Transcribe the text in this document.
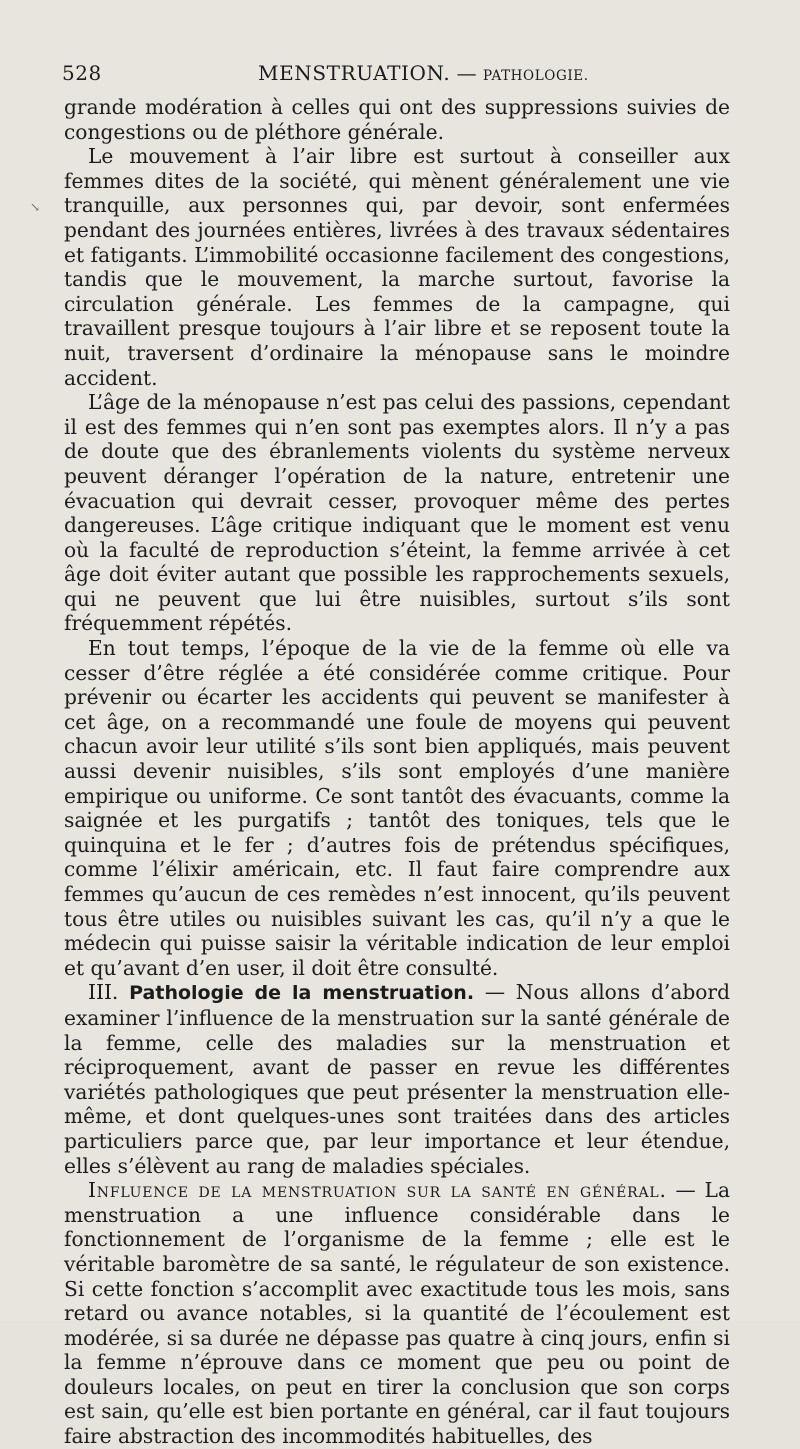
528	MENSTRUATION. — PATHOLOGIE.

grande modération à celles qui ont des suppressions suivies de congestions ou de pléthore générale.

Le mouvement à l’air libre est surtout à conseiller aux femmes dites de la société, qui mènent généralement une vie tranquille, aux personnes qui, par devoir, sont enfermées pendant des journées entières, livrées à des travaux sédentaires et fatigants. L’immobilité occasionne facilement des congestions, tandis que le mouvement, la marche surtout, favorise la circulation générale. Les femmes de la campagne, qui travaillent presque toujours à l’air libre et se reposent toute la nuit, traversent d’ordinaire la ménopause sans le moindre accident.

L’âge de la ménopause n’est pas celui des passions, cependant il est des femmes qui n’en sont pas exemptes alors. Il n’y a pas de doute que des ébranlements violents du système nerveux peuvent déranger l’opération de la nature, entretenir une évacuation qui devrait cesser, provoquer même des pertes dangereuses. L’âge critique indiquant que le moment est venu où la faculté de reproduction s’éteint, la femme arrivée à cet âge doit éviter autant que possible les rapprochements sexuels, qui ne peuvent que lui être nuisibles, surtout s’ils sont fréquemment répétés.

En tout temps, l’époque de la vie de la femme où elle va cesser d’être réglée a été considérée comme critique. Pour prévenir ou écarter les accidents qui peuvent se manifester à cet âge, on a recommandé une foule de moyens qui peuvent chacun avoir leur utilité s’ils sont bien appliqués, mais peuvent aussi devenir nuisibles, s’ils sont employés d’une manière empirique ou uniforme. Ce sont tantôt des évacuants, comme la saignée et les purgatifs ; tantôt des toniques, tels que le quinquina et le fer ; d’autres fois de prétendus spécifiques, comme l’élixir américain, etc. Il faut faire comprendre aux femmes qu’aucun de ces remèdes n’est innocent, qu’ils peuvent tous être utiles ou nuisibles suivant les cas, qu’il n’y a que le médecin qui puisse saisir la véritable indication de leur emploi et qu’avant d’en user, il doit être consulté.

III. Pathologie de la menstruation. — Nous allons d’abord examiner l’influence de la menstruation sur la santé générale de la femme, celle des maladies sur la menstruation et réciproquement, avant de passer en revue les différentes variétés pathologiques que peut présenter la menstruation elle-même, et dont quelques-unes sont traitées dans des articles particuliers parce que, par leur importance et leur étendue, elles s’élèvent au rang de maladies spéciales.

Influence de la menstruation sur la santé en général. — La menstruation a une influence considérable dans le fonctionnement de l’organisme de la femme ; elle est le véritable baromètre de sa santé, le régulateur de son existence. Si cette fonction s’accomplit avec exactitude tous les mois, sans retard ou avance notables, si la quantité de l’écoulement est modérée, si sa durée ne dépasse pas quatre à cinq jours, enfin si la femme n’éprouve dans ce moment que peu ou point de douleurs locales, on peut en tirer la conclusion que son corps est sain, qu’elle est bien portante en général, car il faut toujours faire abstraction des incommodités habituelles, des

↘
